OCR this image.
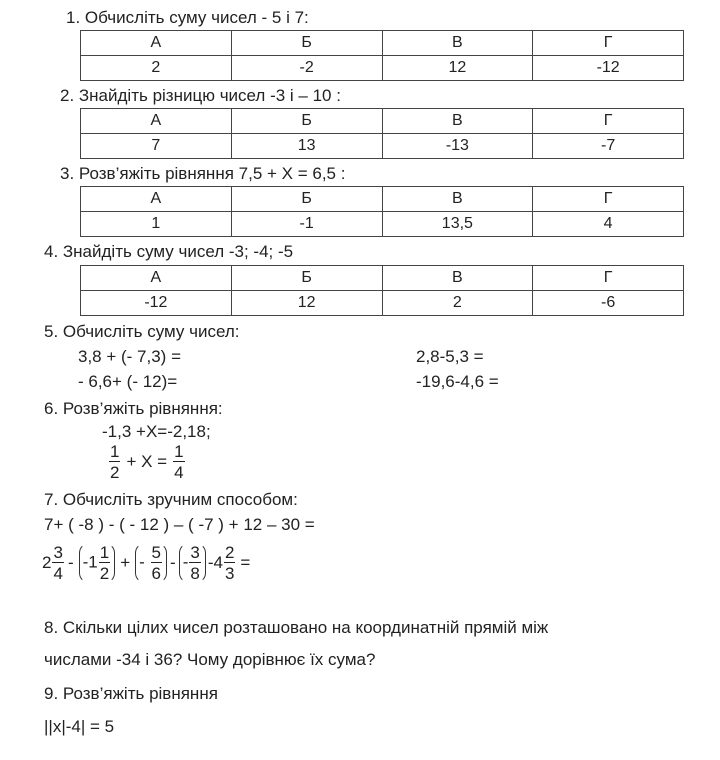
1. Обчисліть суму чисел - 5 і 7:
А	Б	В	Г
2	-2	12	-12
2. Знайдіть різницю чисел -3 і – 10 :
А	Б	В	Г
7	13	-13	-7
3. Розв’яжіть рівняння 7,5 + Х = 6,5 :
А	Б	В	Г
1	-1	13,5	4
4. Знайдіть суму чисел -3; -4; -5
А	Б	В	Г
-12	12	2	-6
5. Обчисліть суму чисел:
3,8 + (- 7,3) =	2,8-5,3 =
- 6,6+ (- 12)=	-19,6-4,6 =
6. Розв’яжіть рівняння:
-1,3 +Х=-2,18;
$\frac{1}{2} + Х = \frac{1}{4}$
7. Обчисліть зручним способом:
7+ ( -8 ) - ( - 12 ) – ( -7 ) + 12 – 30 =
$2 \frac{3}{4} - -1 \frac{1}{2}$ + - $\frac{5}{6}$ - - $\frac{3}{8} -4 \frac{2}{3}$ =
8. Скільки цілих чисел розташовано на координатній прямій між
числами -34 і 36? Чому дорівнює їх сума?
9. Розв’яжіть рівняння
||x|-4| = 5
